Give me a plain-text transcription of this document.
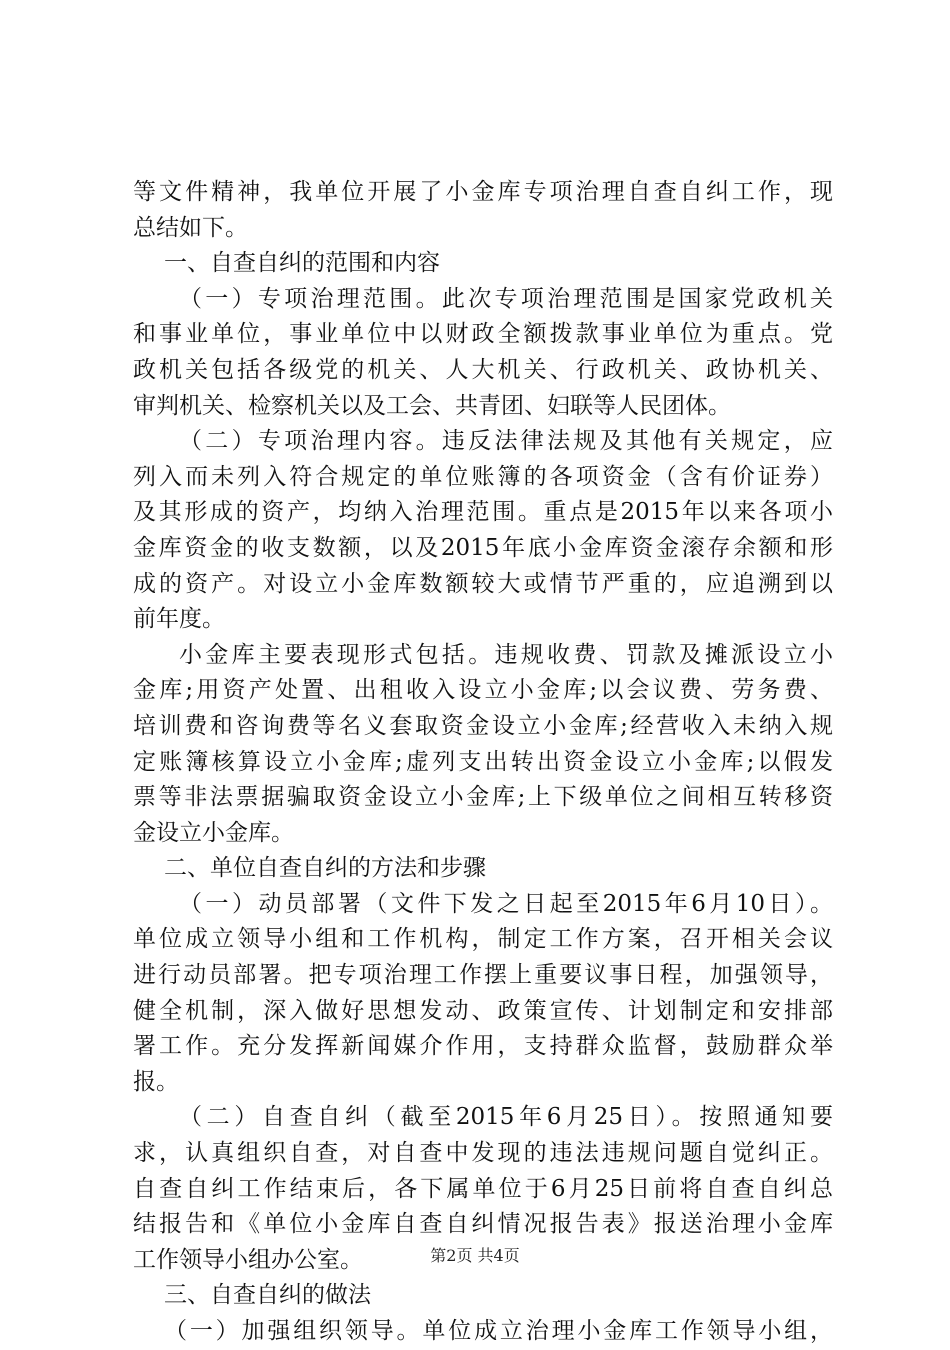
等文件精神，我单位开展了小金库专项治理自查自纠工作，现
总结如下。
一、自查自纠的范围和内容
（一）专项治理范围。此次专项治理范围是国家党政机关
和事业单位，事业单位中以财政全额拨款事业单位为重点。党
政机关包括各级党的机关、人大机关、行政机关、政协机关、
审判机关、检察机关以及工会、共青团、妇联等人民团体。
（二）专项治理内容。违反法律法规及其他有关规定，应
列入而未列入符合规定的单位账簿的各项资金（含有价证券）
及其形成的资产，均纳入治理范围。重点是2015年以来各项小
金库资金的收支数额，以及2015年底小金库资金滚存余额和形
成的资产。对设立小金库数额较大或情节严重的，应追溯到以
前年度。
小金库主要表现形式包括。违规收费、罚款及摊派设立小
金库;用资产处置、出租收入设立小金库;以会议费、劳务费、
培训费和咨询费等名义套取资金设立小金库;经营收入未纳入规
定账簿核算设立小金库;虚列支出转出资金设立小金库;以假发
票等非法票据骗取资金设立小金库;上下级单位之间相互转移资
金设立小金库。
二、单位自查自纠的方法和步骤
（一）动员部署（文件下发之日起至2015年6月10日）。
单位成立领导小组和工作机构，制定工作方案，召开相关会议
进行动员部署。把专项治理工作摆上重要议事日程，加强领导，
健全机制，深入做好思想发动、政策宣传、计划制定和安排部
署工作。充分发挥新闻媒介作用，支持群众监督，鼓励群众举
报。
（二）自查自纠（截至2015年6月25日）。按照通知要
求，认真组织自查，对自查中发现的违法违规问题自觉纠正。
自查自纠工作结束后，各下属单位于6月25日前将自查自纠总
结报告和《单位小金库自查自纠情况报告表》报送治理小金库
工作领导小组办公室。
三、自查自纠的做法
（一）加强组织领导。单位成立治理小金库工作领导小组，
第2页 共4页
